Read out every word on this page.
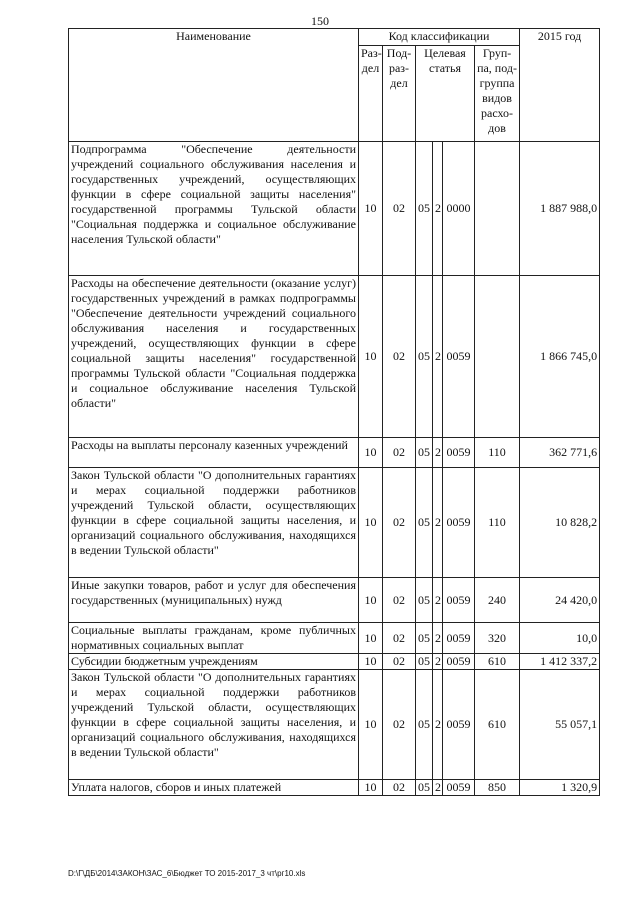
150
Наименование	Код классификации						2015 год
	Раз-дел	Под-раз-дел	Целевая статья			Груп-па, под-группа видов расхо-дов	
Подпрограмма "Обеспечение деятельности учреждений социального обслуживания населения и государственных учреждений, осуществляющих функции в сфере социальной защиты населения" государственной программы Тульской области "Социальная поддержка и социальное обслуживание населения Тульской области"	10	02	05	2	0000		1 887 988,0
Расходы на обеспечение деятельности (оказание услуг) государственных учреждений в рамках подпрограммы "Обеспечение деятельности учреждений социального обслуживания населения и государственных учреждений, осуществляющих функции в сфере социальной защиты населения" государственной программы Тульской области "Социальная поддержка и социальное обслуживание населения Тульской области"	10	02	05	2	0059		1 866 745,0
Расходы на выплаты персоналу казенных учреждений	10	02	05	2	0059	110	362 771,6
Закон Тульской области "О дополнительных гарантиях и мерах социальной поддержки работников учреждений Тульской области, осуществляющих функции в сфере социальной защиты населения, и организаций социального обслуживания, находящихся в ведении Тульской области"	10	02	05	2	0059	110	10 828,2
Иные закупки товаров, работ и услуг для обеспечения государственных (муниципальных) нужд	10	02	05	2	0059	240	24 420,0
Социальные выплаты гражданам, кроме публичных нормативных социальных выплат	10	02	05	2	0059	320	10,0
Субсидии бюджетным учреждениям	10	02	05	2	0059	610	1 412 337,2
Закон Тульской области "О дополнительных гарантиях и мерах социальной поддержки работников учреждений Тульской области, осуществляющих функции в сфере социальной защиты населения, и организаций социального обслуживания, находящихся в ведении Тульской области"	10	02	05	2	0059	610	55 057,1
Уплата налогов, сборов и иных платежей	10	02	05	2	0059	850	1 320,9
D:\Г\ДБ\2014\ЗАКОН\ЗАС_6\Бюджет ТО 2015-2017_3 чт\рг10.xls
